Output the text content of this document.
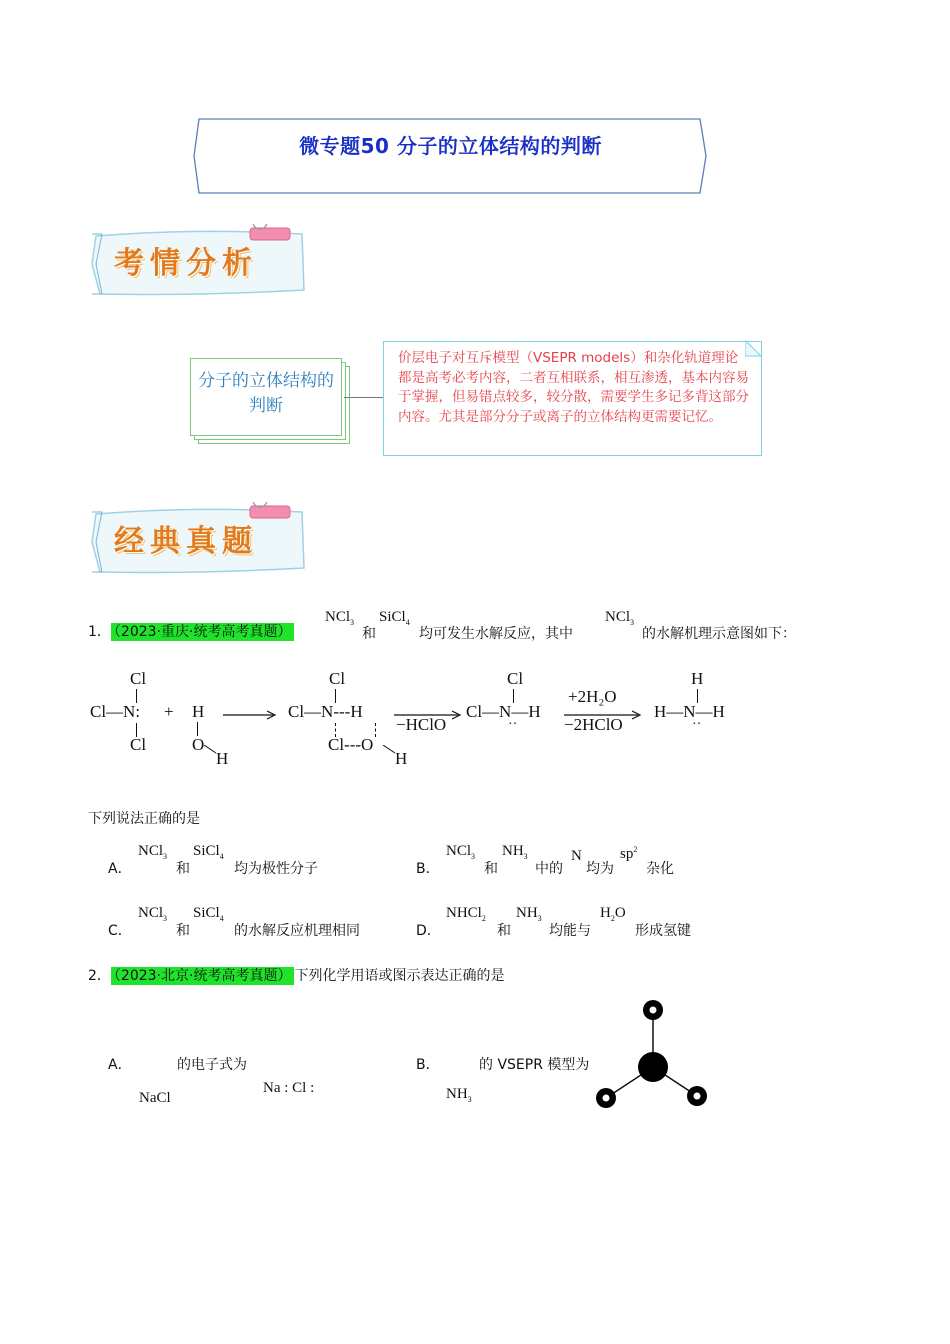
微专题50 分子的立体结构的判断
考情分析
分子的立体结构的判断
价层电子对互斥模型（VSEPR models）和杂化轨道理论都是高考必考内容，二者互相联系，相互渗透，基本内容易于掌握，但易错点较多，较分散，需要学生多记多背这部分内容。尤其是部分分子或离子的立体结构更需要记忆。
经典真题
1． （2023·重庆·统考高考真题）
NCl$_3$
和
SiCl$_4$
均可发生水解反应，其中
NCl$_3$
的水解机理示意图如下：
Cl
Cl—N:
Cl
+ H
O
H
Cl
Cl—N---H
Cl---O
H
−HClO
Cl
Cl—N—H
··
+2H₂O
−2HClO
H
H—N—H
··
下列说法正确的是
A．
NCl$_3$
和
SiCl$_4$
均为极性分子	B．
NCl$_3$
和
$NH_3$
中的
N
均为
$sp^2$
杂化
C．
NCl$_3$
和
SiCl$_4$
的水解反应机理相同	D．
NHCl$_2$
和
$NH_3$
均能与
$H_2O$
形成氢键
2． （2023·北京·统考高考真题） 下列化学用语或图示表达正确的是
A．	的电子式为
NaCl
Na : Cl :
B．	的 VSEPR 模型为
$NH_3$
